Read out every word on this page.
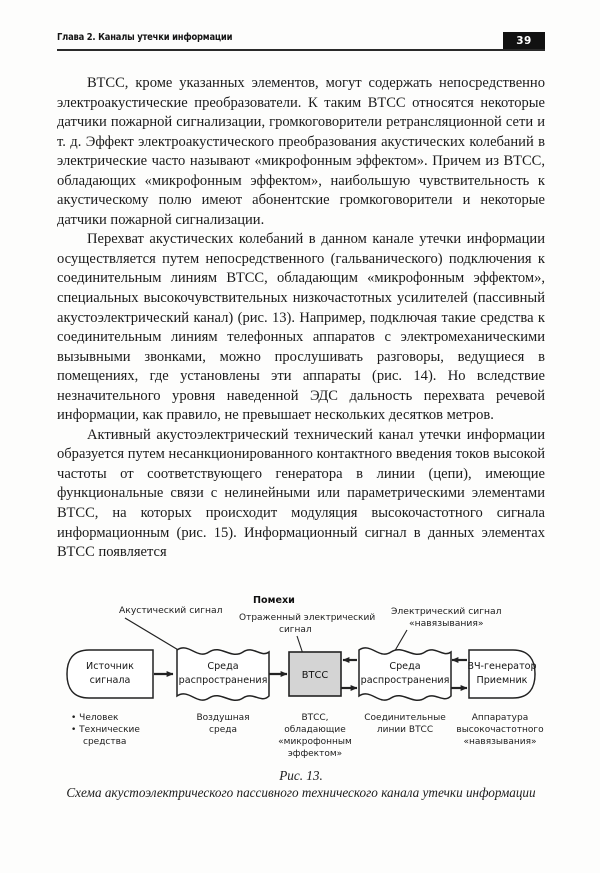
Глава 2. Каналы утечки информации	39

ВТСС, кроме указанных элементов, могут содержать непосредственно электроакустические преобразователи. К таким ВТСС относятся некоторые датчики пожарной сигнализации, громкоговорители ретрансляционной сети и т. д. Эффект электроакустического преобразования акустических колебаний в электрические часто называют «микрофонным эффектом». Причем из ВТСС, обладающих «микрофонным эффектом», наибольшую чувствительность к акустическому полю имеют абонентские громкоговорители и некоторые датчики пожарной сигнализации.

Перехват акустических колебаний в данном канале утечки информации осуществляется путем непосредственного (гальванического) подключения к соединительным линиям ВТСС, обладающим «микрофонным эффектом», специальных высокочувствительных низкочастотных усилителей (пассивный акустоэлектрический канал) (рис. 13). Например, подключая такие средства к соединительным линиям телефонных аппаратов с электромеханическими вызывными звонками, можно прослушивать разговоры, ведущиеся в помещениях, где установлены эти аппараты (рис. 14). Но вследствие незначительного уровня наведенной ЭДС дальность перехвата речевой информации, как правило, не превышает нескольких десятков метров.

Активный акустоэлектрический технический канал утечки информации образуется путем несанкционированного контактного введения токов высокой частоты от соответствующего генератора в линии (цепи), имеющие функциональные связи с нелинейными или параметрическими элементами ВТСС, на которых происходит модуляция высокочастотного сигнала информационным (рис. 15). Информационный сигнал в данных элементах ВТСС появляется

Акустический сигнал
Помехи
Отраженный электрический
сигнал
Электрический сигнал
«навязывания»
Источник
сигнала
Среда
распространения	ВТСС
Среда
распространения
ВЧ-генератор
Приемник
• Человек
• Технические
средства
Воздушная
среда
ВТСС,
обладающие
«микрофонным
эффектом»
Соединительные
линии ВТСС
Аппаратура
высокочастотного
«навязывания»
Рис. 13.
Схема акустоэлектрического пассивного технического канала утечки информации
